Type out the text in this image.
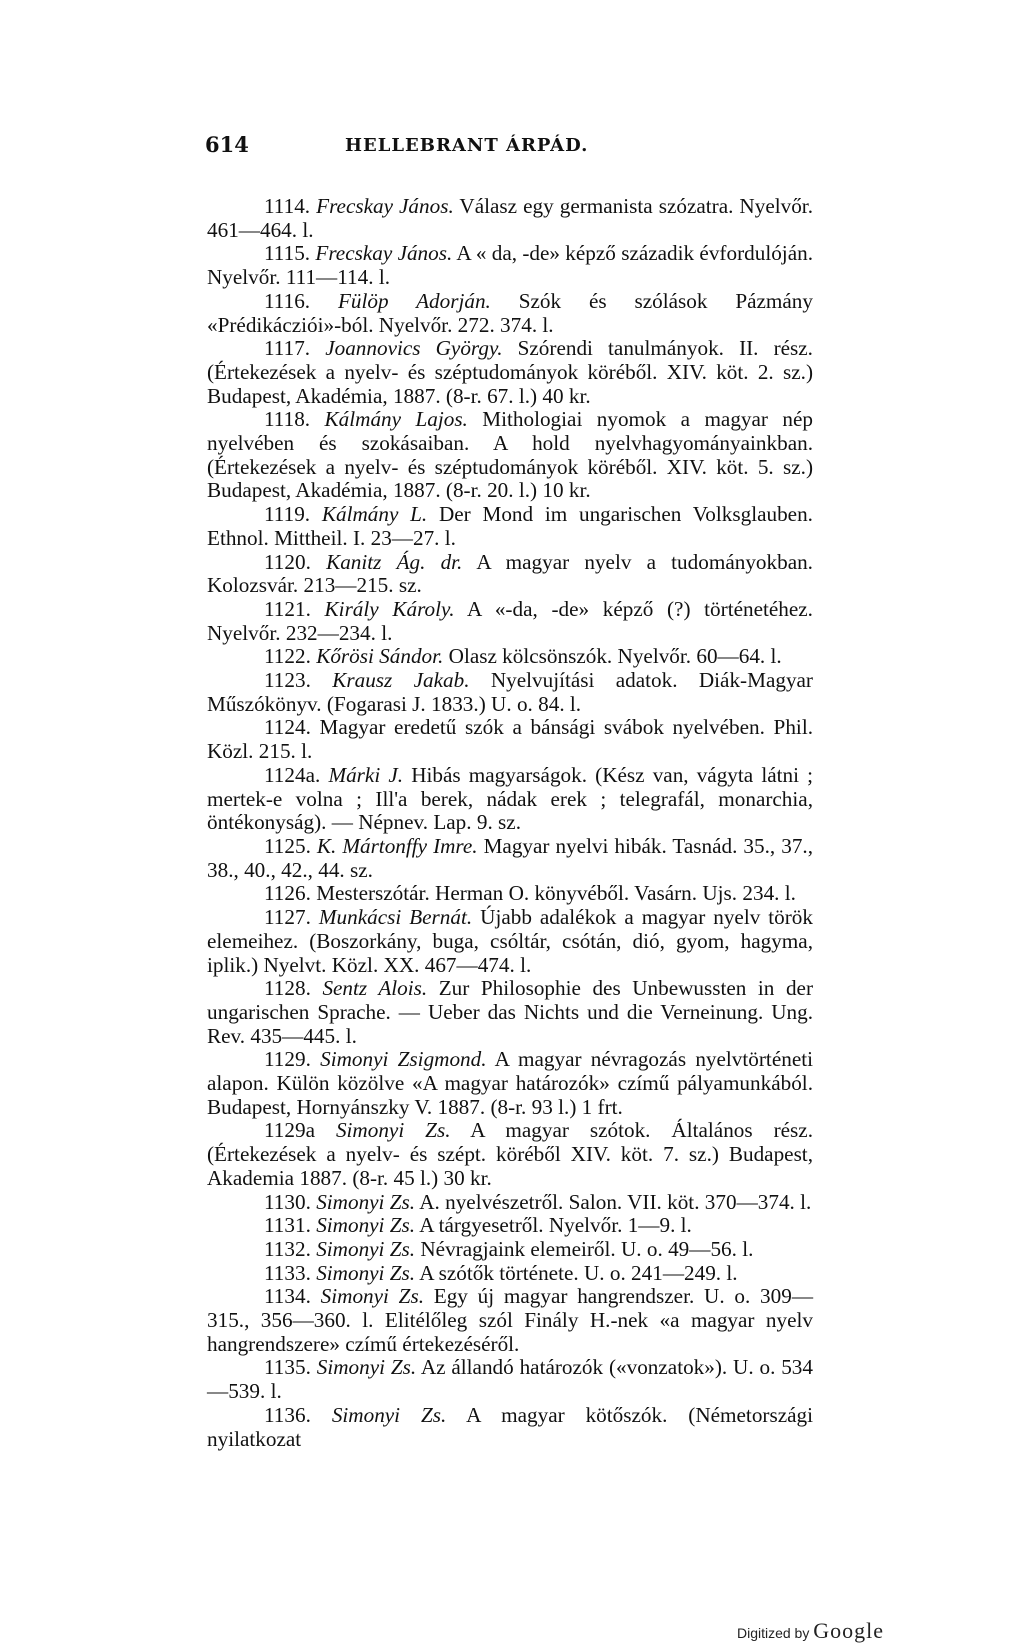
614	HELLEBRANT ÁRPÁD.

1114. Frecskay János. Válasz egy germanista szózatra. Nyelvőr. 461—464. l.

1115. Frecskay János. A « da, -de» képző századik évfordulóján. Nyelvőr. 111—114. l.

1116. Fülöp Adorján. Szók és szólások Pázmány «Prédikácziói»-ból. Nyelvőr. 272. 374. l.

1117. Joannovics György. Szórendi tanulmányok. II. rész. (Értekezések a nyelv- és széptudományok köréből. XIV. köt. 2. sz.) Budapest, Akadémia, 1887. (8-r. 67. l.) 40 kr.

1118. Kálmány Lajos. Mithologiai nyomok a magyar nép nyelvében és szokásaiban. A hold nyelvhagyományainkban. (Értekezések a nyelv- és széptudományok köréből. XIV. köt. 5. sz.) Budapest, Akadémia, 1887. (8-r. 20. l.) 10 kr.

1119. Kálmány L. Der Mond im ungarischen Volksglauben. Ethnol. Mittheil. I. 23—27. l.

1120. Kanitz Ág. dr. A magyar nyelv a tudományokban. Kolozsvár. 213—215. sz.

1121. Király Károly. A «-da, -de» képző (?) történetéhez. Nyelvőr. 232—234. l.

1122. Kőrösi Sándor. Olasz kölcsönszók. Nyelvőr. 60—64. l.

1123. Krausz Jakab. Nyelvujítási adatok. Diák-Magyar Műszókönyv. (Fogarasi J. 1833.) U. o. 84. l.

1124. Magyar eredetű szók a bánsági svábok nyelvében. Phil. Közl. 215. l.

1124a. Márki J. Hibás magyarságok. (Kész van, vágyta látni ; mertek-e volna ; Ill'a berek, nádak erek ; telegrafál, monarchia, öntékonyság). — Népnev. Lap. 9. sz.

1125. K. Mártonffy Imre. Magyar nyelvi hibák. Tasnád. 35., 37., 38., 40., 42., 44. sz.

1126. Mesterszótár. Herman O. könyvéből. Vasárn. Ujs. 234. l.

1127. Munkácsi Bernát. Újabb adalékok a magyar nyelv török elemeihez. (Boszorkány, buga, csóltár, csótán, dió, gyom, hagyma, iplik.) Nyelvt. Közl. XX. 467—474. l.

1128. Sentz Alois. Zur Philosophie des Unbewussten in der ungarischen Sprache. — Ueber das Nichts und die Verneinung. Ung. Rev. 435—445. l.

1129. Simonyi Zsigmond. A magyar névragozás nyelvtörténeti alapon. Külön közölve «A magyar határozók» czímű pályamunkából. Budapest, Hornyánszky V. 1887. (8-r. 93 l.) 1 frt.

1129a Simonyi Zs. A magyar szótok. Általános rész. (Értekezések a nyelv- és szépt. köréből XIV. köt. 7. sz.) Budapest, Akademia 1887. (8-r. 45 l.) 30 kr.

1130. Simonyi Zs. A. nyelvészetről. Salon. VII. köt. 370—374. l.

1131. Simonyi Zs. A tárgyesetről. Nyelvőr. 1—9. l.

1132. Simonyi Zs. Névragjaink elemeiről. U. o. 49—56. l.

1133. Simonyi Zs. A szótők története. U. o. 241—249. l.

1134. Simonyi Zs. Egy új magyar hangrendszer. U. o. 309—315., 356—360. l. Elitélőleg szól Finály H.-nek «a magyar nyelv hangrendszere» czímű értekezéséről.

1135. Simonyi Zs. Az állandó határozók («vonzatok»). U. o. 534—539. l.

1136. Simonyi Zs. A magyar kötőszók. (Németországi nyilatkozat

Digitized by Google
